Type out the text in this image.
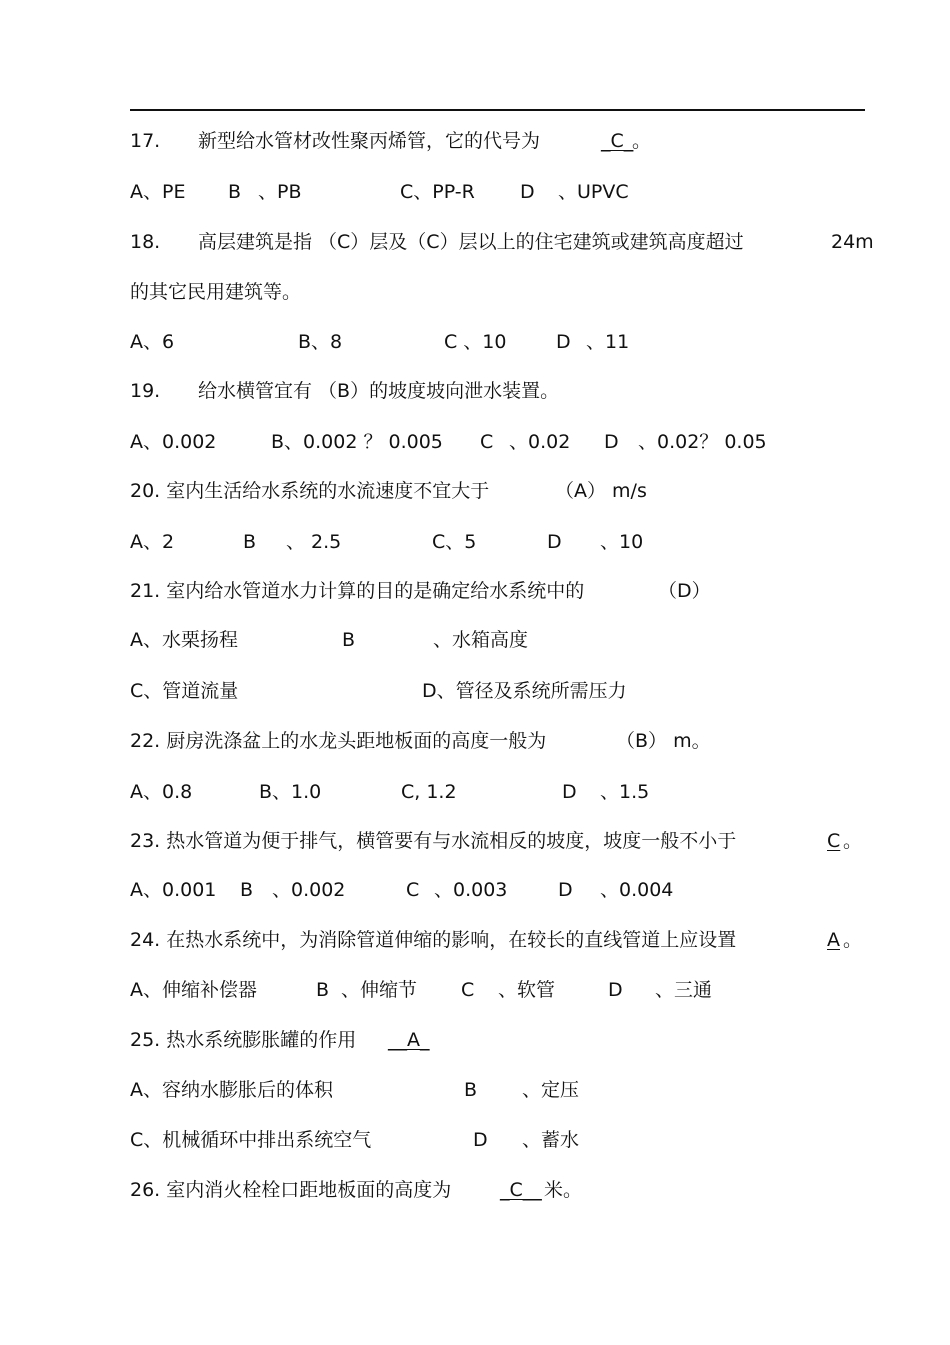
17. 新型给水管材改性聚丙烯管，它的代号为	_C_
。
A、PE B 、PB	C、PP-R D 、UPVC
18. 高层建筑是指 （C）层及（C）层以上的住宅建筑或建筑高度超过	24m
的其它民用建筑等。
A、6	B、8	C 、10	D 、11
19. 给水横管宜有 （B）的坡度坡向泄水装置。
A、0.002	B、0.002 ？ 0.005 C 、0.02 D 、0.02？ 0.05
20. 室内生活给水系统的水流速度不宜大于	（A） m/s
A、2	B 、 2.5	C、5	D 、10
21. 室内给水管道水力计算的目的是确定给水系统中的	（D）
A、水栗扬程	B	、水箱高度
C、管道流量	D、管径及系统所需压力
22. 厨房洗涤盆上的水龙头距地板面的高度一般为	（B） m。
A、0.8	B、1.0	C, 1.2	D 、1.5
23. 热水管道为便于排气，横管要有与水流相反的坡度，坡度一般不小于	C 。
A、0.001 B 、0.002	C 、0.003	D 、0.004
24. 在热水系统中，为消除管道伸缩的影响，在较长的直线管道上应设置	A 。
A、伸缩补偿器	B 、伸缩节 C 、软管	D 、三通
25. 热水系统膨胀罐的作用 __A_
A、容纳水膨胀后的体积	B 、定压
C、机械循环中排出系统空气	D 、蓄水
26. 室内消火栓栓口距地板面的高度为	_C__ 米。
